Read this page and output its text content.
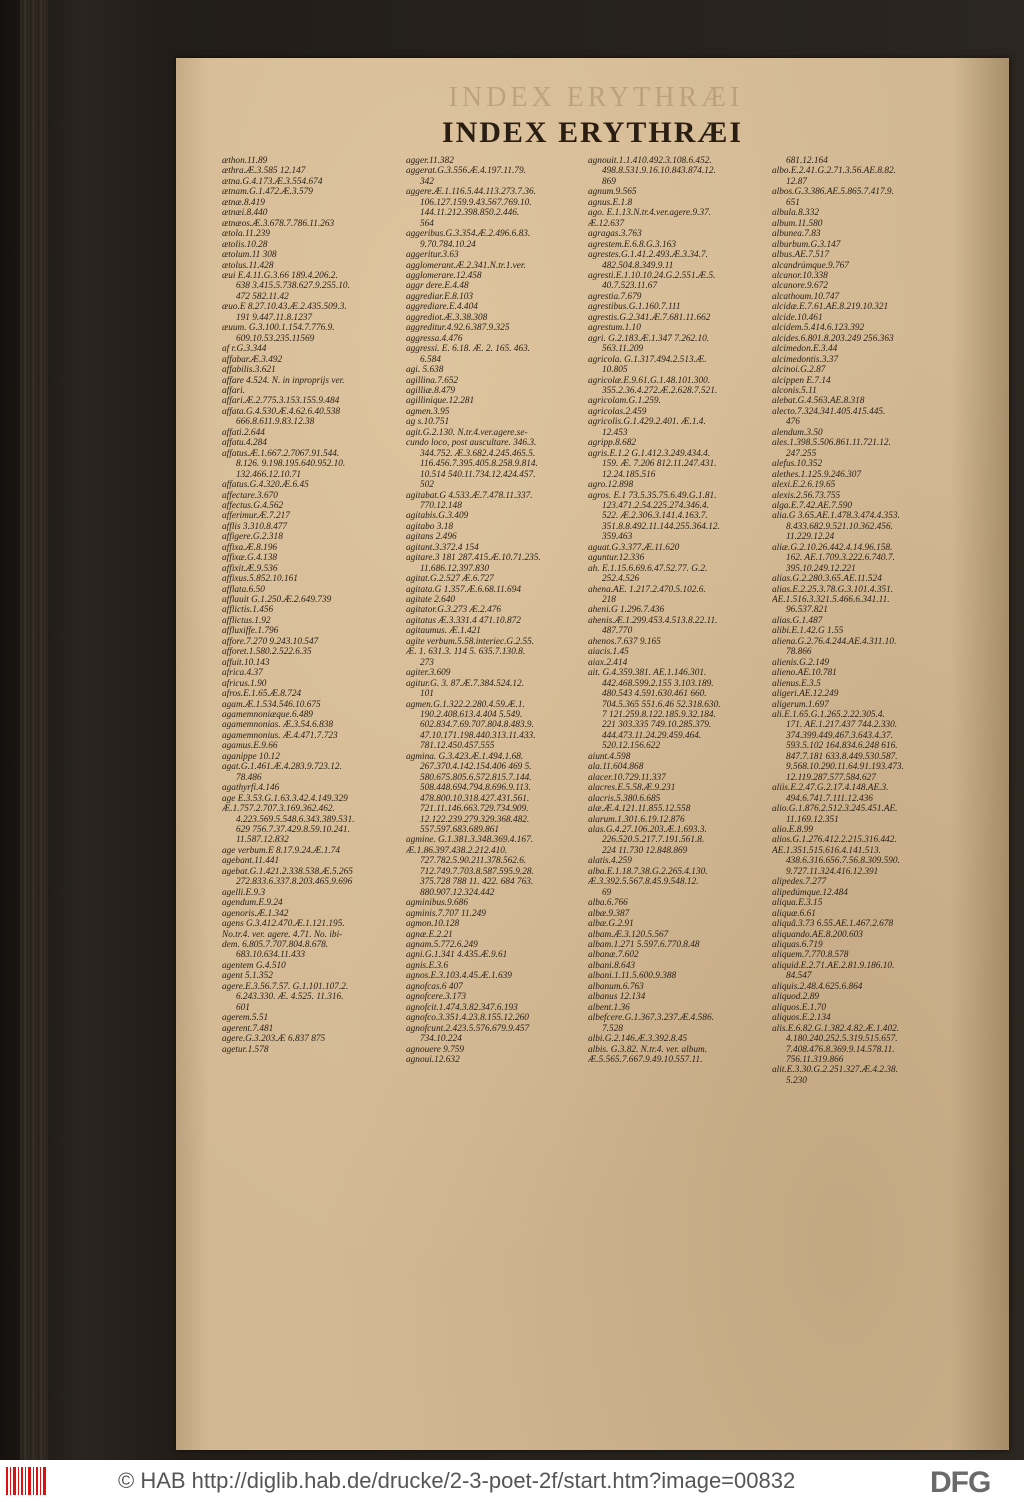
INDEX ERYTHRÆI
INDEX ERYTHRÆI
æthon.11.89
æthra.Æ.3.585 12.147
ætna.G.4.173.Æ.3.554.674
ætnam.G.1.472.Æ.3.579
ætnæ.8.419
ætnæi.8.440
ætnæos.Æ.3.678.7.786.11.263
ætola.11.239
ætolis.10.28
ætolum.11 308
ætolus.11.428
æui E.4.11.G.3.66 189.4.206.2.
638 3.415.5.738.627.9.255.10.
472 582.11.42
æuo.E 8.27.10.43.Æ.2.435.509.3.
191 9.447.11.8.1237
æuum. G.3.100.1.154.7.776.9.
609.10.53.235.11569
af r.G.3.344
affabar.Æ.3.492
affabilis.3.621
affare 4.524. N. in inproprijs ver.
affari.
affari.Æ.2.775.3.153.155.9.484
affata.G.4.530.Æ.4.62.6.40.538
666.8.611.9.83.12.38
affati.2.644
affatu.4.284
affatus.Æ.1.667.2.7067.91.544.
8.126. 9.198.195.640.952.10.
132.466.12.10.71
affatus.G.4.320.Æ.6.45
affectare.3.670
affectus.G.4.562
afferimur.Æ.7.217
afflis 3.310.8.477
affigere.G.2.318
affixa.Æ.8.196
affixæ.G.4.138
affixit.Æ.9.536
affixus.5.852.10.161
afflata.6.50
afflauit G.1.250.Æ.2.649.739
afflictis.1.456
afflictus.1.92
affluxiffe.1.796
affore.7.270 9.243.10.547
afforet.1.580.2.522.6.35
affuit.10.143
africa.4.37
africus.1.90
afros.E.1.65.Æ.8.724
agam.Æ.1.534.546.10.675
agamemnoniæque.6.489
agamemnonias. Æ.3.54.6.838
agamemnonius. Æ.4.471.7.723
agamus.E.9.66
aganippe 10.12
agat.G.1.461.Æ.4.283.9.723.12.
78.486
agathyrfi.4.146
age E.3.53.G.1.63.3.42.4.149.329
Æ.1.757.2.707.3.169.362.462.
4.223.569.5.548.6.343.389.531.
629 756.7.37.429.8.59.10.241.
11.587.12.832
age verbum.E 8.17.9.24.Æ.1.74
agebant.11.441
agebat.G.1.421.2.338.538.Æ.5.265
272.833.6.337.8.203.465.9.696
agelli.E.9.3
agendum.E.9.24
agenoris.Æ.1.342
agens G.3.412.470.Æ.1.121.195.
No.tr.4. ver. agere. 4.71. No. ibi-
dem. 6.805.7.707.804.8.678.
683.10.634.11.433
agentem G.4.510
agent 5.1.352
agere.E.3.56.7.57. G.1.101.107.2.
6.243.330. Æ. 4.525. 11.316.
601
agerem.5.51
agerent.7.481
agere.G.3.203.Æ 6.837 875
agetur.1.578
agger.11.382
aggerat.G.3.556.Æ.4.197.11.79.
342
aggere.Æ.1.116.5.44.113.273.7.36.
106.127.159.9.43.567.769.10.
144.11.212.398.850.2.446.
564
aggeribus.G.3.354.Æ.2.496.6.83.
9.70.784.10.24
aggeritur.3.63
agglomerant.Æ.2.341.N.tr.1.ver.
agglomerare.12.458
aggr dere.E.4.48
aggrediar.E.8.103
aggrediare.E.4.404
aggrediot.Æ.3.38.308
aggreditur.4.92.6.387.9.325
aggressa.4.476
aggressi. E. 6.18. Æ. 2. 165. 463.
6.584
agi. 5.638
agillina.7.652
agilliæ.8.479
agillinique.12.281
agmen.3.95
ag s.10.751
agit.G.2.130. N.tr.4.ver.agere.se-
cundo loco, post auscultare. 346.3.
344.752. Æ.3.682.4.245.465.5.
116.456.7.395.405.8.258.9.814.
10.514 540.11.734.12.424.457.
502
agitabat.G 4.533.Æ.7.478.11.337.
770.12.148
agitabis.G.3.409
agitabo 3.18
agitans 2.496
agitant.3.372.4 154
agitare.3 181 287.415.Æ.10.71.235.
11.686.12.397.830
agitat.G.2.527 Æ.6.727
agitata.G 1.357.Æ.6.68.11.694
agitate 2.640
agitator.G.3.273 Æ.2.476
agitatus Æ.3.331.4 471.10.872
agitaumus. Æ.1.421
agite verbum.5.58.interiec.G.2.55.
Æ. 1. 631.3. 114 5. 635.7.130.8.
273
agiter.3.609
agitur.G. 3. 87.Æ.7.384.524.12.
101
agmen.G.1.322.2.280.4.59.Æ.1.
190.2.408.613.4.404 5.549.
602.834.7.69.707.804.8.483.9.
47.10.171.198.440.313.11.433.
781.12.450.457.555
agmina. G.3.423.Æ.1.494.1.68.
267.370.4.142.154.406 469 5.
580.675.805.6.572.815.7.144.
508.448.694.794.8.696.9.113.
478.800.10.318.427.431.561.
721.11.146.663.729.734.909.
12.122.239.279.329.368.482.
557.597.683.689.861
agmine. G.1.381.3.348.369.4.167.
Æ.1.86.397.438.2.212.410.
727.782.5.90.211.378.562.6.
712.749.7.703.8.587.595.9.28.
375.728 788 11. 422. 684 763.
880.907.12.324.442
agminibus.9.686
agminis.7.707 11.249
agmon.10.128
agnæ.E.2.21
agnam.5.772.6.249
agni.G.1.341 4.435.Æ.9.61
agnis.E.3.6
agnos.E.3.103.4.45.Æ.1.639
agnofcas.6 407
agnofcere.3.173
agnofcit.1.474.3.82.347.6.193
agnofco.3.351.4.23.8.155.12.260
agnofcunt.2.423.5.576.679.9.457
734.10.224
agnouere 9.759
agnoui.12.632
agnouit.1.1.410.492.3.108.6.452.
498.8.531.9.16.10.843.874.12.
869
agnum.9.565
agnus.E.1.8
ago. E.1.13.N.tr.4.ver.agere.9.37.
Æ.12.637
agragas.3.763
agrestem.E.6.8.G.3.163
agrestes.G.1.41.2.493.Æ.3.34.7.
482.504.8.349.9.11
agresti.E.1.10.10.24.G.2.551.Æ.5.
40.7.523.11.67
agrestia.7.679
agrestibus.G.1.160.7.111
agrestis.G.2.341.Æ.7.681.11.662
agrestum.1.10
agri. G.2.183.Æ.1.347 7.262.10.
563.11.209
agricola. G.1.317.494.2.513.Æ.
10.805
agricolæ.E.9.61.G.1.48.101.300.
355.2.36.4.272.Æ.2.628.7.521.
agricolam.G.1.259.
agricolas.2.459
agricolis.G.1.429.2.401. Æ.1.4.
12.453
agripp.8.682
agris.E.1.2 G.1.412.3.249.434.4.
159. Æ. 7.206 812.11.247.431.
12.24.185.516
agro.12.898
agros. E.1 73.5.35.75.6.49.G.1.81.
123.471.2.54.225.274.346.4.
522. Æ.2.306.3.141.4.163.7.
351.8.8.492.11.144.255.364.12.
359.463
aguat.G.3.377.Æ.11.620
aguntur.12.336
ah. E.1.15.6.69.6.47.52.77. G.2.
252.4.526
ahena.AE. 1.217.2.470.5.102.6.
218
aheni.G 1.296.7.436
ahenis.Æ.1.299.453.4.513.8.22.11.
487.770
ahenos.7.637 9.165
aiacis.1.45
aiax.2.414
ait. G.4.359.381. AE.1.146.301.
442.468.599.2.155 3.103.189.
480.543 4.591.630.461 660.
704.5.365 551.6.46 52.318.630.
7 121.259.8.122.185.9.32.184.
221 303.335 749.10.285.379.
444.473.11.24.29.459.464.
520.12.156.622
aiunt.4.598
ala.11.604.868
alacer.10.729.11.337
alacres.E.5.58.Æ.9.231
alacris.5.380.6.685
alæ.Æ.4.121.11.855.12.558
alarum.1.301.6.19.12.876
alas.G.4.27.106.203.Æ.1.693.3.
226.520.5.217.7.191.561.8.
224 11.730 12.848.869
alatis.4.259
alba.E.1.18.7.38.G.2.265.4.130.
Æ.3.392.5.567.8.45.9.548.12.
69
alba.6.766
albæ.9.387
albæ.G.2.91
albam.Æ.3.120.5.567
albam.1.271 5.597.6.770.8.48
albanæ.7.602
albani.8.643
albani.1.11.5.600.9.388
albanum.6.763
albanus 12.134
albent.1.36
albefcere.G.1.367.3.237.Æ.4.586.
7.528
albi.G.2.146.Æ.3.392.8.45
albis. G.3.82. N.tr.4. ver. album.
Æ.5.565.7.667.9.49.10.557.11.
681.12.164
albo.E.2.41.G.2.71.3.56.AE.8.82.
12.87
albos.G.3.386.AE.5.865.7.417.9.
651
albula.8.332
album.11.580
albunea.7.83
alburbum.G.3.147
albus.AE.7.517
alcandrúmque.9.767
alcanor.10.338
alcanore.9.672
alcathoum.10.747
alcidæ.E.7.61.AE.8.219.10.321
alcide.10.461
alcidem.5.414.6.123.392
alcides.6.801.8.203.249 256.363
alcimedon.E.3.44
alcimedontis.3.37
alcinoi.G.2.87
alcippen E.7.14
alconis.5.11
alebat.G.4.563.AE.8.318
alecto.7.324.341.405.415.445.
476
alendum.3.50
ales.1.398.5.506.861.11.721.12.
247.255
alefus.10.352
alethes.1.125.9.246.307
alexi.E.2.6.19.65
alexis.2.56.73.755
alga.E.7.42.AE.7.590
alia.G 3.65.AE.1.478.3.474.4.353.
8.433.682.9.521.10.362.456.
11.229.12.24
aliæ.G.2.10.26.442.4.14.96.158.
162. AE.1.709.3.222.6.740.7.
395.10.249.12.221
alias.G.2.280.3.65.AE.11.524
alias.E.2.25.3.78.G.3.101.4.351.
AE.1.516.3.321.5.466.6.341.11.
96.537.821
alias.G.1.487
alibi.E.1.42.G 1.55
aliena.G.2.76.4.244.AE.4.311.10.
78.866
alienis.G.2.149
alieno.AE.10.781
alienus.E.3.5
aligeri.AE.12.249
aligerum.1.697
ali.E.1.65.G.1.265.2.22.305.4.
171. AE.1.217.437 744.2.330.
374.399.449.467.3.643.4.37.
593.5.102 164.834.6.248 616.
847.7.181 633.8.449.530.587.
9.568.10.290.11.64.91.193.473.
12.119.287.577.584.627
aliis.E.2.47.G.2.17.4.148.AE.3.
494.6.741.7.111.12.436
alio.G.1.876.2.512.3.245.451.AE.
11.169.12.351
alio.E.8.99
alios.G.1.276.412.2.215.316.442.
AE.1.351.515.616.4.141.513.
438.6.316.656.7.56.8.309.590.
9.727.11.324.416.12.391
alipedes.7.277
alipedúmque.12.484
aliqua.E.3.15
aliquæ.6.61
aliquâ.3.73 6.55.AE.1.467.2.678
aliquando.AE.8.200.603
aliquas.6.719
aliquem.7.770.8.578
aliquid.E.2.71.AE.2.81.9.186.10.
84.547
aliquis.2.48.4.625.6.864
aliquod.2.89
aliquos.E.1.70
aliquos.E.2.134
alis.E.6.82.G.1.382.4.82.Æ.1.402.
4.180.240.252.5.319.515.657.
7.408.476.8.369.9.14.578.11.
756.11.319.866
alit.E.3.30.G.2.251.327.Æ.4.2.38.
5.230
© HAB http://diglib.hab.de/drucke/2-3-poet-2f/start.htm?image=00832	DFG
